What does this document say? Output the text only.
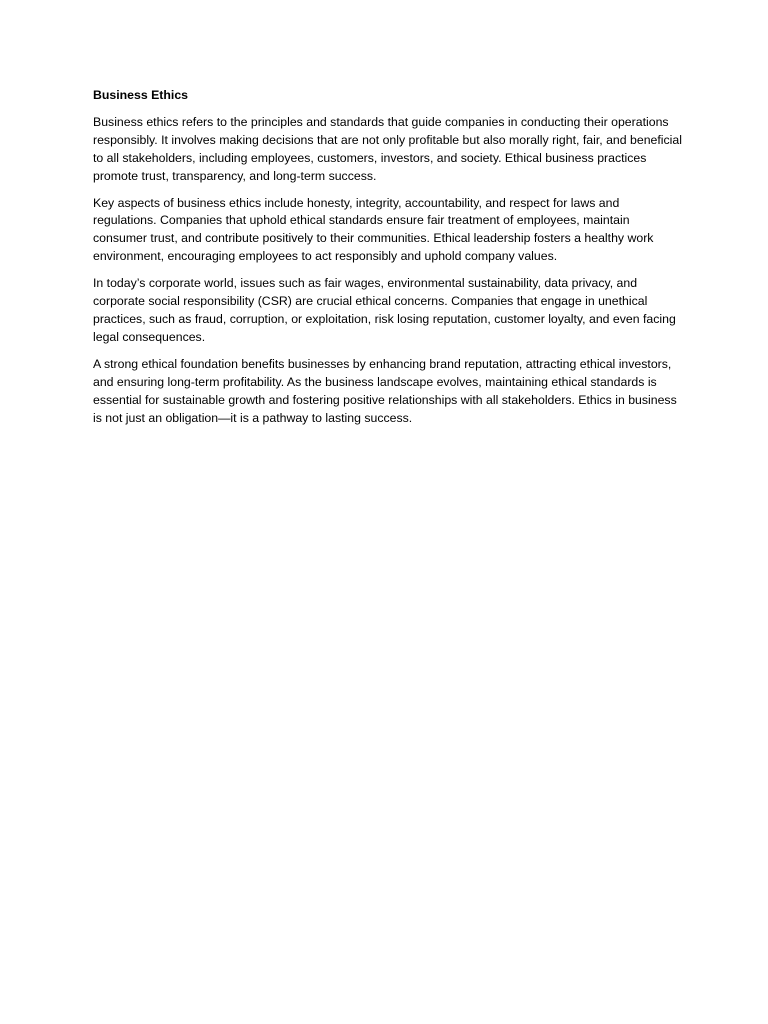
Business Ethics

Business ethics refers to the principles and standards that guide companies in conducting their operations responsibly. It involves making decisions that are not only profitable but also morally right, fair, and beneficial to all stakeholders, including employees, customers, investors, and society. Ethical business practices promote trust, transparency, and long-term success.

Key aspects of business ethics include honesty, integrity, accountability, and respect for laws and regulations. Companies that uphold ethical standards ensure fair treatment of employees, maintain consumer trust, and contribute positively to their communities. Ethical leadership fosters a healthy work environment, encouraging employees to act responsibly and uphold company values.

In today’s corporate world, issues such as fair wages, environmental sustainability, data privacy, and corporate social responsibility (CSR) are crucial ethical concerns. Companies that engage in unethical practices, such as fraud, corruption, or exploitation, risk losing reputation, customer loyalty, and even facing legal consequences.

A strong ethical foundation benefits businesses by enhancing brand reputation, attracting ethical investors, and ensuring long-term profitability. As the business landscape evolves, maintaining ethical standards is essential for sustainable growth and fostering positive relationships with all stakeholders. Ethics in business is not just an obligation—it is a pathway to lasting success.
